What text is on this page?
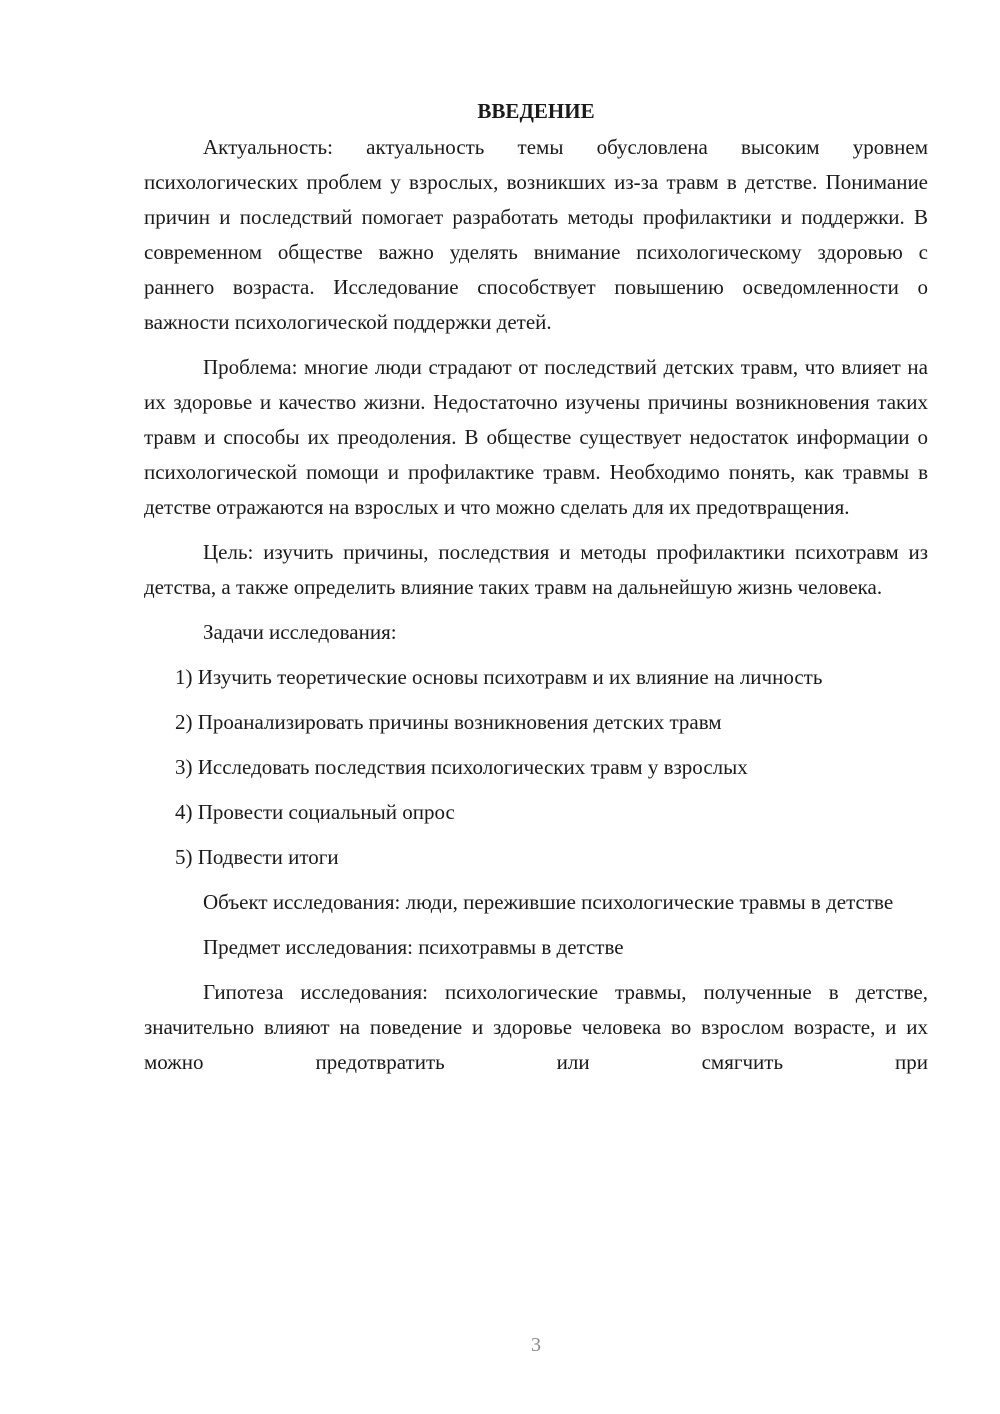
ВВЕДЕНИЕ

Актуальность: актуальность темы обусловлена высоким уровнем психологических проблем у взрослых, возникших из-за травм в детстве. Понимание причин и последствий помогает разработать методы профилактики и поддержки. В современном обществе важно уделять внимание психологическому здоровью с раннего возраста. Исследование способствует повышению осведомленности о важности психологической поддержки детей.

Проблема: многие люди страдают от последствий детских травм, что влияет на их здоровье и качество жизни. Недостаточно изучены причины возникновения таких травм и способы их преодоления. В обществе существует недостаток информации о психологической помощи и профилактике травм. Необходимо понять, как травмы в детстве отражаются на взрослых и что можно сделать для их предотвращения.

Цель: изучить причины, последствия и методы профилактики психотравм из детства, а также определить влияние таких травм на дальнейшую жизнь человека.

Задачи исследования:

1) Изучить теоретические основы психотравм и их влияние на личность

2) Проанализировать причины возникновения детских травм

3) Исследовать последствия психологических травм у взрослых

4) Провести социальный опрос

5) Подвести итоги

Объект исследования: люди, пережившие психологические травмы в детстве

Предмет исследования: психотравмы в детстве

Гипотеза исследования: психологические травмы, полученные в детстве, значительно влияют на поведение и здоровье человека во взрослом возрасте, и их можно предотвратить или смягчить при

3
